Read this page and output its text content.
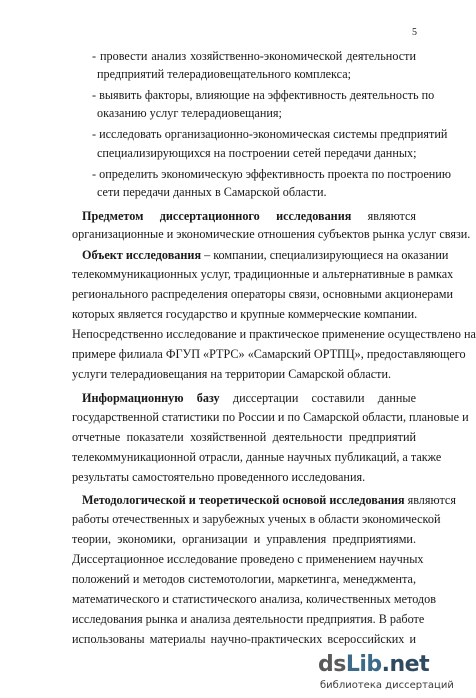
5
- провести анализ хозяйственно-экономической деятельности
предприятий телерадиовещательного комплекса;
- выявить факторы, влияющие на эффективность деятельность по
оказанию услуг телерадиовещания;
- исследовать организационно-экономическая системы предприятий
специализирующихся на построении сетей передачи данных;
- определить экономическую эффективность проекта по построению
сети передачи данных в Самарской области.
Предметом диссертационного исследования являются
организационные и экономические отношения субъектов рынка услуг связи.
Объект исследования – компании, специализирующиеся на оказании
телекоммуникационных услуг, традиционные и альтернативные в рамках
регионального распределения операторы связи, основными акционерами
которых является государство и крупные коммерческие компании.
Непосредственно исследование и практическое применение осуществлено на
примере филиала ФГУП «РТРС» «Самарский ОРТПЦ», предоставляющего
услуги телерадиовещания на территории Самарской области.
Информационную базу диссертации составили данные
государственной статистики по России и по Самарской области, плановые и
отчетные показатели хозяйственной деятельности предприятий
телекоммуникационной отрасли, данные научных публикаций, а также
результаты самостоятельно проведенного исследования.
Методологической и теоретической основой исследования являются
работы отечественных и зарубежных ученых в области экономической
теории, экономики, организации и управления предприятиями.
Диссертационное исследование проведено с применением научных
положений и методов системотологии, маркетинга, менеджмента,
математического и статистического анализа, количественных методов
исследования рынка и анализа деятельности предприятия. В работе
использованы материалы научно-практических всероссийских и
dsLib.net
библиотека диссертаций
